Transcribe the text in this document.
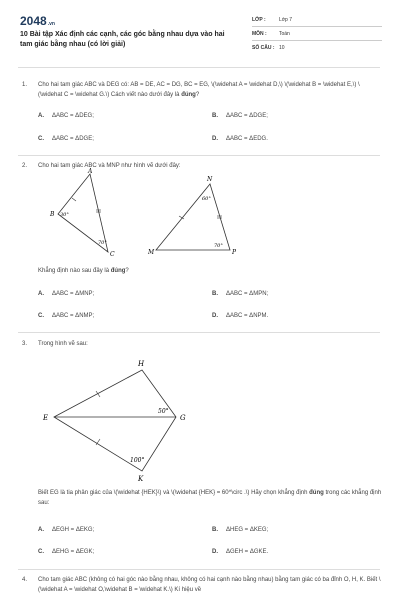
2048.vn
10 Bài tập Xác định các cạnh, các góc bằng nhau dựa vào hai tam giác bằng nhau (có lời giải)
LỚP :	Lớp 7
MÔN : Toán
SỐ CÂU : 10
1. Cho hai tam giác ABC và DEG có: AB = DE, AC = DG, BC = EG, \(\widehat A = \widehat D,\) \(\widehat B = \widehat E,\) \(\widehat C = \widehat G.\) Cách viết nào dưới đây là đúng?
A. ΔABC = ΔDEG;	B. ΔABC = ΔDGE;
C. ΔABC = ΔDGE;	D. ΔABC = ΔEDG.
2. Cho hai tam giác ABC và MNP như hình vẽ dưới đây:
B
A
C
30°
70°
N
M	P
60°
70°
Khẳng định nào sau đây là đúng?
A. ΔABC = ΔMNP;	B. ΔABC = ΔMPN;
C. ΔABC = ΔNMP;	D. ΔABC = ΔNPM.
3. Trong hình vẽ sau:
H
E	G
K
50°
100°
Biết EG là tia phân giác của \(\widehat {HEK}\) và \(\widehat {HEK} = 60^\circ .\) Hãy chọn khẳng định đúng trong các khẳng định sau:
A. ΔEGH = ΔEKG;	B. ΔHEG = ΔKEG;
C. ΔEHG = ΔEGK;	D. ΔGEH = ΔGKE.
4. Cho tam giác ABC (không có hai góc nào bằng nhau, không có hai cạnh nào bằng nhau) bằng tam giác có ba đỉnh O, H, K. Biết \(\widehat A = \widehat O,\widehat B = \widehat K.\) Kí hiệu về
